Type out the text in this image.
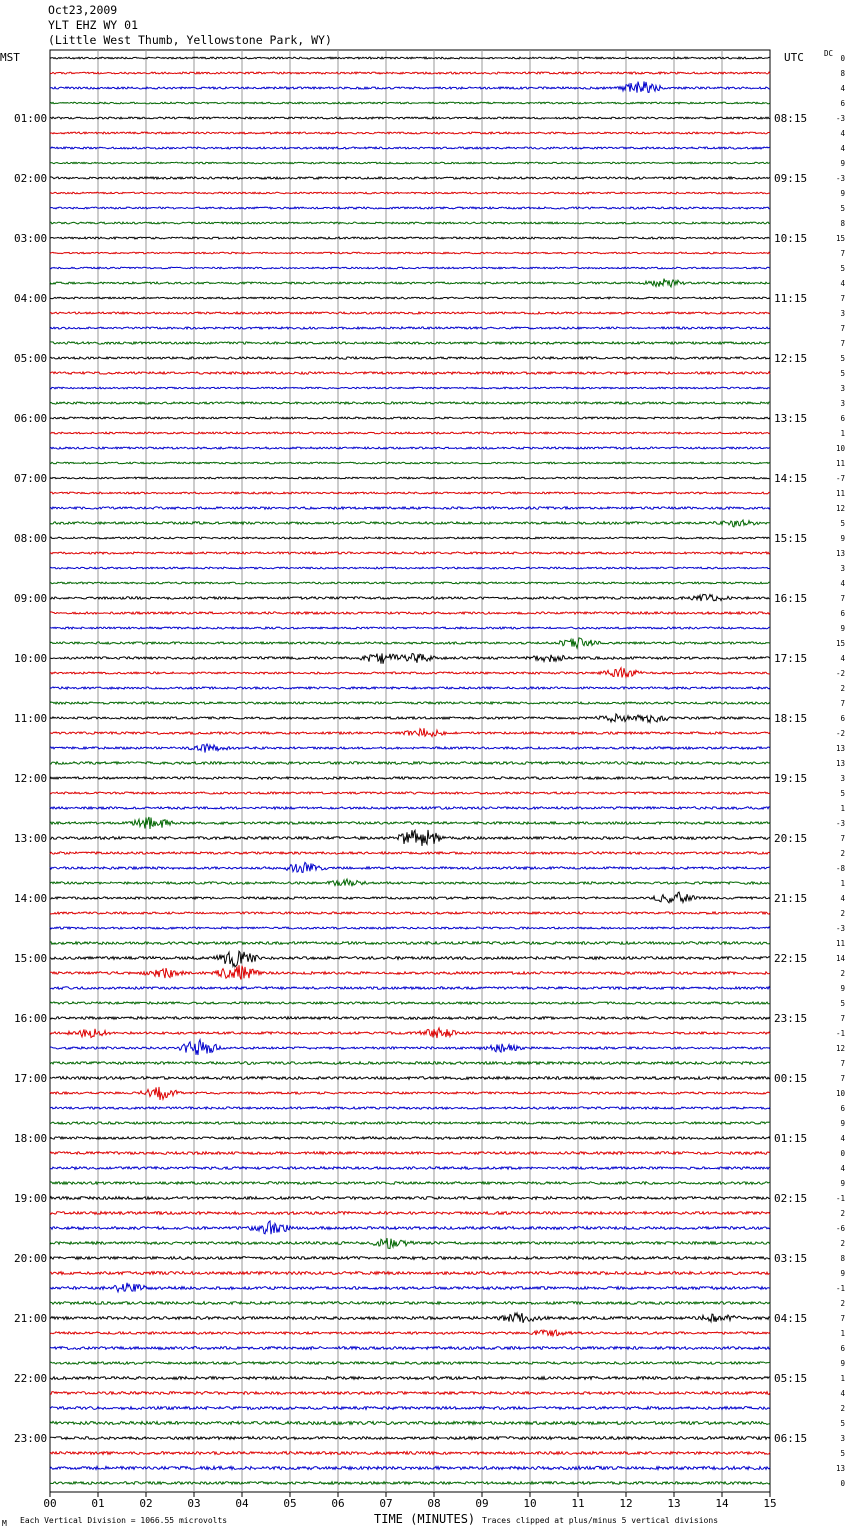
Oct23,2009
YLT EHZ WY 01
(Little West Thumb, Yellowstone Park, WY)
MST	UTC	DC
01:00
02:00
03:00
04:00
05:00
06:00
07:00
08:00
09:00
10:00
11:00
12:00
13:00
14:00
15:00
16:00
17:00
18:00
19:00
20:00
21:00
22:00
23:00
08:15
09:15
10:15
11:15
12:15
13:15
14:15
15:15
16:15
17:15
18:15
19:15
20:15
21:15
22:15
23:15
00:15
01:15
02:15
03:15
04:15
05:15
06:15
0
8
4
6
-3
4
4
9
-3
9
5
8
15
7
5
4
7
3
7
7
5
5
3
3
6
1
10
11
-7
11
12
5
9
13
3
4
7
6
9
15
4
-2
2
7
6
-2
13
13
3
5
1
-3
7
2
-8
1
4
2
-3
11
14
2
9
5
7
-1
12
7
7
10
6
9
4
0
4
9
-1
2
-6
2
8
9
-1
2
7
1
6
9
1
4
2
5
3
5
13
0
00	01	02	03	04	05	06	07	08	09	10	11	12	13	14	15
M Each Vertical Division = 1066.55 microvolts	TIME (MINUTES) Traces clipped at plus/minus 5 vertical divisions
